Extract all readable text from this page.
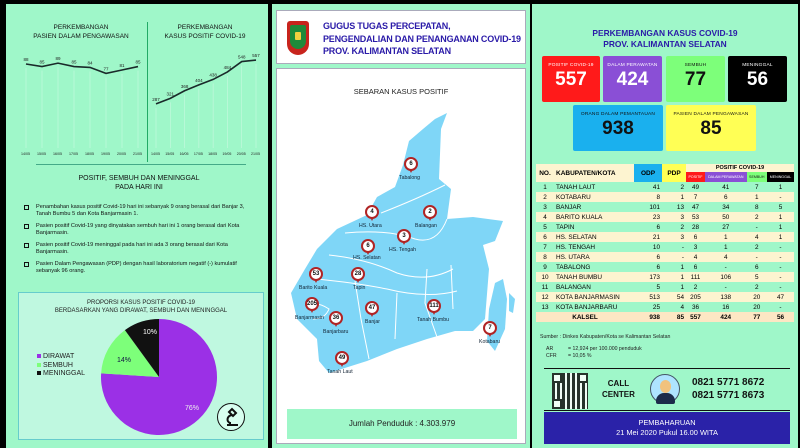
PERKEMBANGAN
PASIEN DALAM PENGAWASAN
PERKEMBANGAN
KASUS POSITIF COVID-19
88
85
89
85 84
77
81
85
287
321
368
404
438
484
548 557
14/05 15/05 16/05 17/05 18/05 19/05 20/05 21/05	14/05 15/05 16/05 17/05 18/05 19/05 20/05 21/05
POSITIF, SEMBUH DAN MENINGGAL
PADA HARI INI
Penambahan kasus positif Covid-19 hari ini sebanyak 9 orang berasal dari Banjar 3, Tanah Bumbu 5 dan Kota Banjarmasin 1.
Pasien positif Covid-19 yang dinyatakan sembuh hari ini 1 orang berasal dari Kota Banjarmasin.
Pasien positif Covid-19 meninggal pada hari ini ada 3 orang berasal dari Kota Banjarmasin.
Pasien Dalam Pengawasan (PDP) dengan hasil laboratorium negatif (-) kumulatif sebanyak 96 orang.
PROPORSI KASUS POSITIF COVID-19
BERDASARKAN YANG DIRAWAT, SEMBUH DAN MENINGGAL
DIRAWAT
SEMBUH
MENINGGAL
76%
14%
10%
GUGUS TUGAS PERCEPATAN,
PENGENDALIAN DAN PENANGANAN COVID-19
PROV. KALIMANTAN SELATAN
SEBARAN KASUS POSITIF
6
Tabalong
2
Balangan
4
HS. Utara
3
HS. Tengah
6
HS. Selatan
53
Barito Kuala
28
Tapin
205
Banjarmasin	36
Banjarbaru
47
Banjar
111
Tanah Bumbu
7
Kotabaru
49
Tanah Laut
Jumlah Penduduk : 4.303.979
PERKEMBANGAN KASUS COVID-19
PROV. KALIMANTAN SELATAN
POSITIF COVID-19
557
DALAM PERAWATAN
424
SEMBUH
77
MENINGGAL
56
ORANG DALAM PEMANTAUAN
938
PASIEN DALAM PENGAWASAN
85
NO.	KABUPATEN/KOTA	ODP	PDP	POSITIF COVID-19			
				POSITIF	DALAM PERAWATAN	SEMBUH	MENINGGAL
1	TANAH LAUT	41	2	49	41	7	1
2	KOTABARU	8	1	7	6	1	-
3	BANJAR	101	13	47	34	8	5
4	BARITO KUALA	23	3	53	50	2	1
5	TAPIN	6	2	28	27	-	1
6	HS. SELATAN	21	3	6	1	4	1
7	HS. TENGAH	10	-	3	1	2	-
8	HS. UTARA	6	-	4	4	-	-
9	TABALONG	6	1	6	-	6	-
10	TANAH BUMBU	173	1	111	106	5	-
11	BALANGAN	5	1	2	-	2	-
12	KOTA BANJARMASIN	513	54	205	138	20	47
13	KOTA BANJARBARU	25	4	36	16	20	-
KALSEL		938	85	557	424	77	56
Sumber : Dinkes Kabupaten/Kota se Kalimantan Selatan
AR	= 12,924 per 100.000 penduduk
CFR = 10,05 %
CALL
CENTER
0821 5771 8672
0821 5771 8673
PEMBAHARUAN
21 Mei 2020 Pukul 16.00 WITA
